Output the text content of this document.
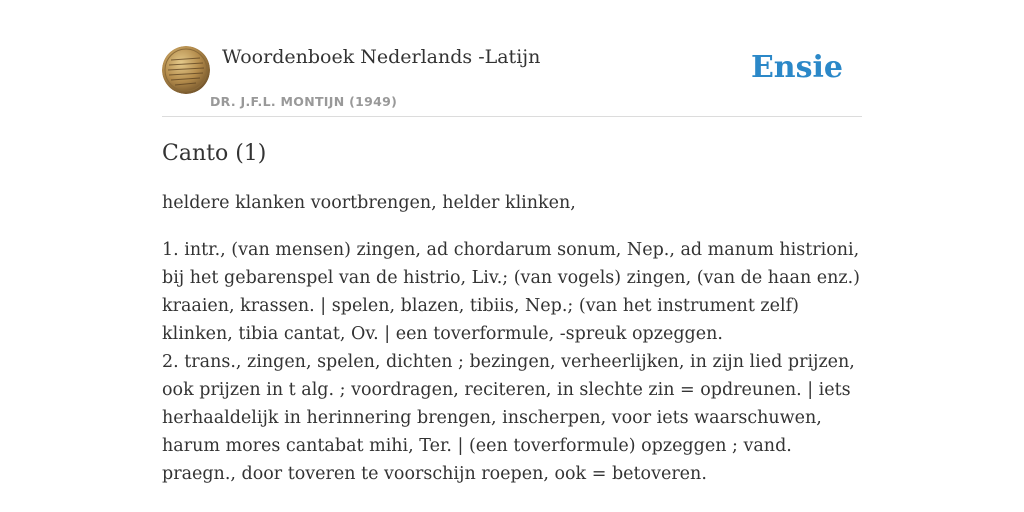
Woordenboek Nederlands -Latijn
DR. J.F.L. MONTIJN (1949)
Ensie
Canto (1)

heldere klanken voortbrengen, helder klinken,

1. intr., (van mensen) zingen, ad chordarum sonum, Nep., ad manum histrioni, bij het gebarenspel van de histrio, Liv.; (van vogels) zingen, (van de haan enz.) kraaien, krassen. | spelen, blazen, tibiis, Nep.; (van het instrument zelf) klinken, tibia cantat, Ov. | een toverformule, -spreuk opzeggen.

2. trans., zingen, spelen, dichten ; bezingen, verheerlijken, in zijn lied prijzen, ook prijzen in t alg. ; voordragen, reciteren, in slechte zin = opdreunen. | iets herhaaldelijk in herinnering brengen, inscherpen, voor iets waarschuwen, harum mores cantabat mihi, Ter. | (een toverformule) opzeggen ; vand. praegn., door toveren te voorschijn roepen, ook = betoveren.
